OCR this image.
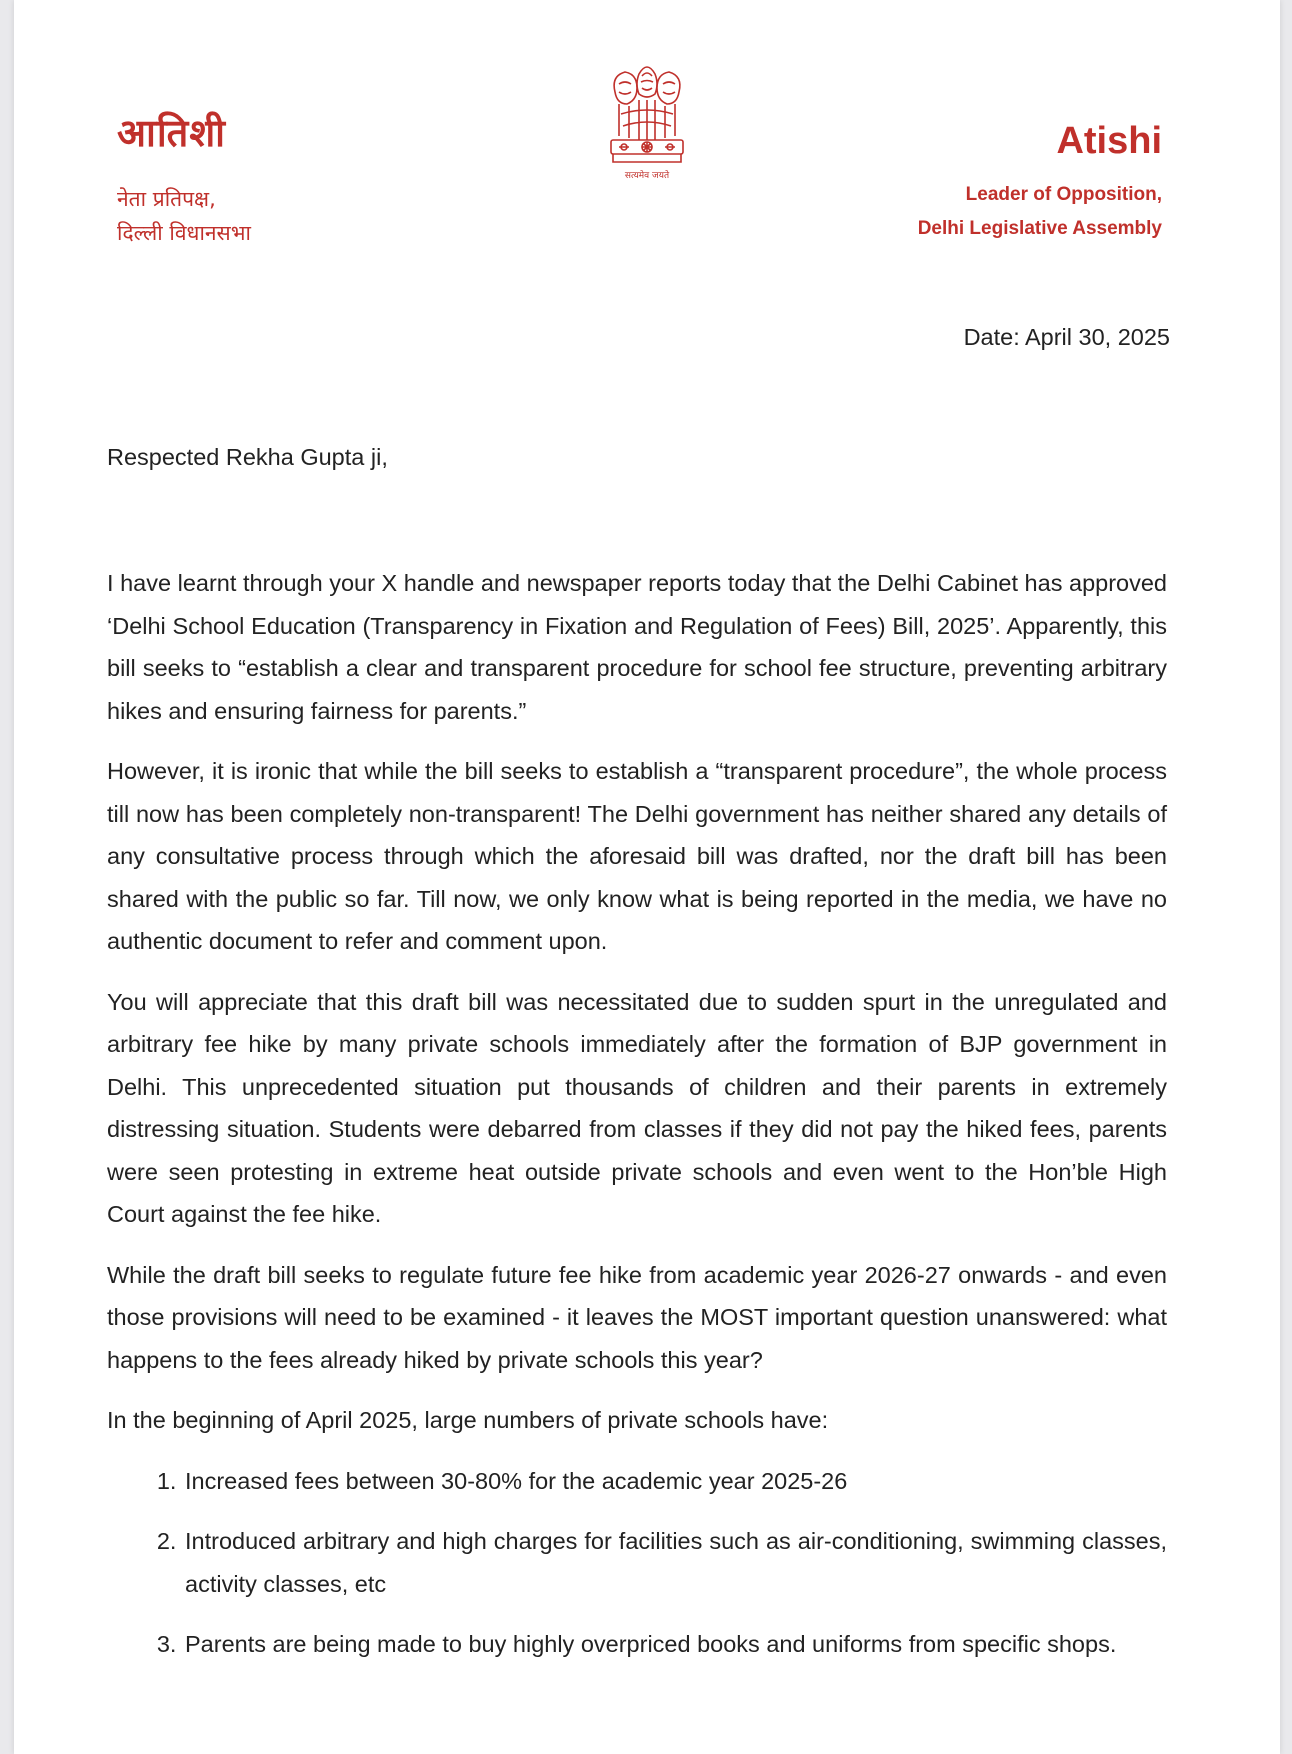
आतिशी
नेता प्रतिपक्ष,
दिल्ली विधानसभा
सत्यमेव जयते
Atishi
Leader of Opposition,
Delhi Legislative Assembly
Date: April 30, 2025
Respected Rekha Gupta ji,

I have learnt through your X handle and newspaper reports today that the Delhi Cabinet has approved ‘Delhi School Education (Transparency in Fixation and Regulation of Fees) Bill, 2025’. Apparently, this bill seeks to “establish a clear and transparent procedure for school fee structure, preventing arbitrary hikes and ensuring fairness for parents.”

However, it is ironic that while the bill seeks to establish a “transparent procedure”, the whole process till now has been completely non-transparent! The Delhi government has neither shared any details of any consultative process through which the aforesaid bill was drafted, nor the draft bill has been shared with the public so far. Till now, we only know what is being reported in the media, we have no authentic document to refer and comment upon.

You will appreciate that this draft bill was necessitated due to sudden spurt in the unregulated and arbitrary fee hike by many private schools immediately after the formation of BJP government in Delhi. This unprecedented situation put thousands of children and their parents in extremely distressing situation. Students were debarred from classes if they did not pay the hiked fees, parents were seen protesting in extreme heat outside private schools and even went to the Hon’ble High Court against the fee hike.

While the draft bill seeks to regulate future fee hike from academic year 2026-27 onwards - and even those provisions will need to be examined - it leaves the MOST important question unanswered: what happens to the fees already hiked by private schools this year?

In the beginning of April 2025, large numbers of private schools have:

1. Increased fees between 30-80% for the academic year 2025-26
2. Introduced arbitrary and high charges for facilities such as air-conditioning, swimming classes, activity classes, etc
3. Parents are being made to buy highly overpriced books and uniforms from specific shops.
